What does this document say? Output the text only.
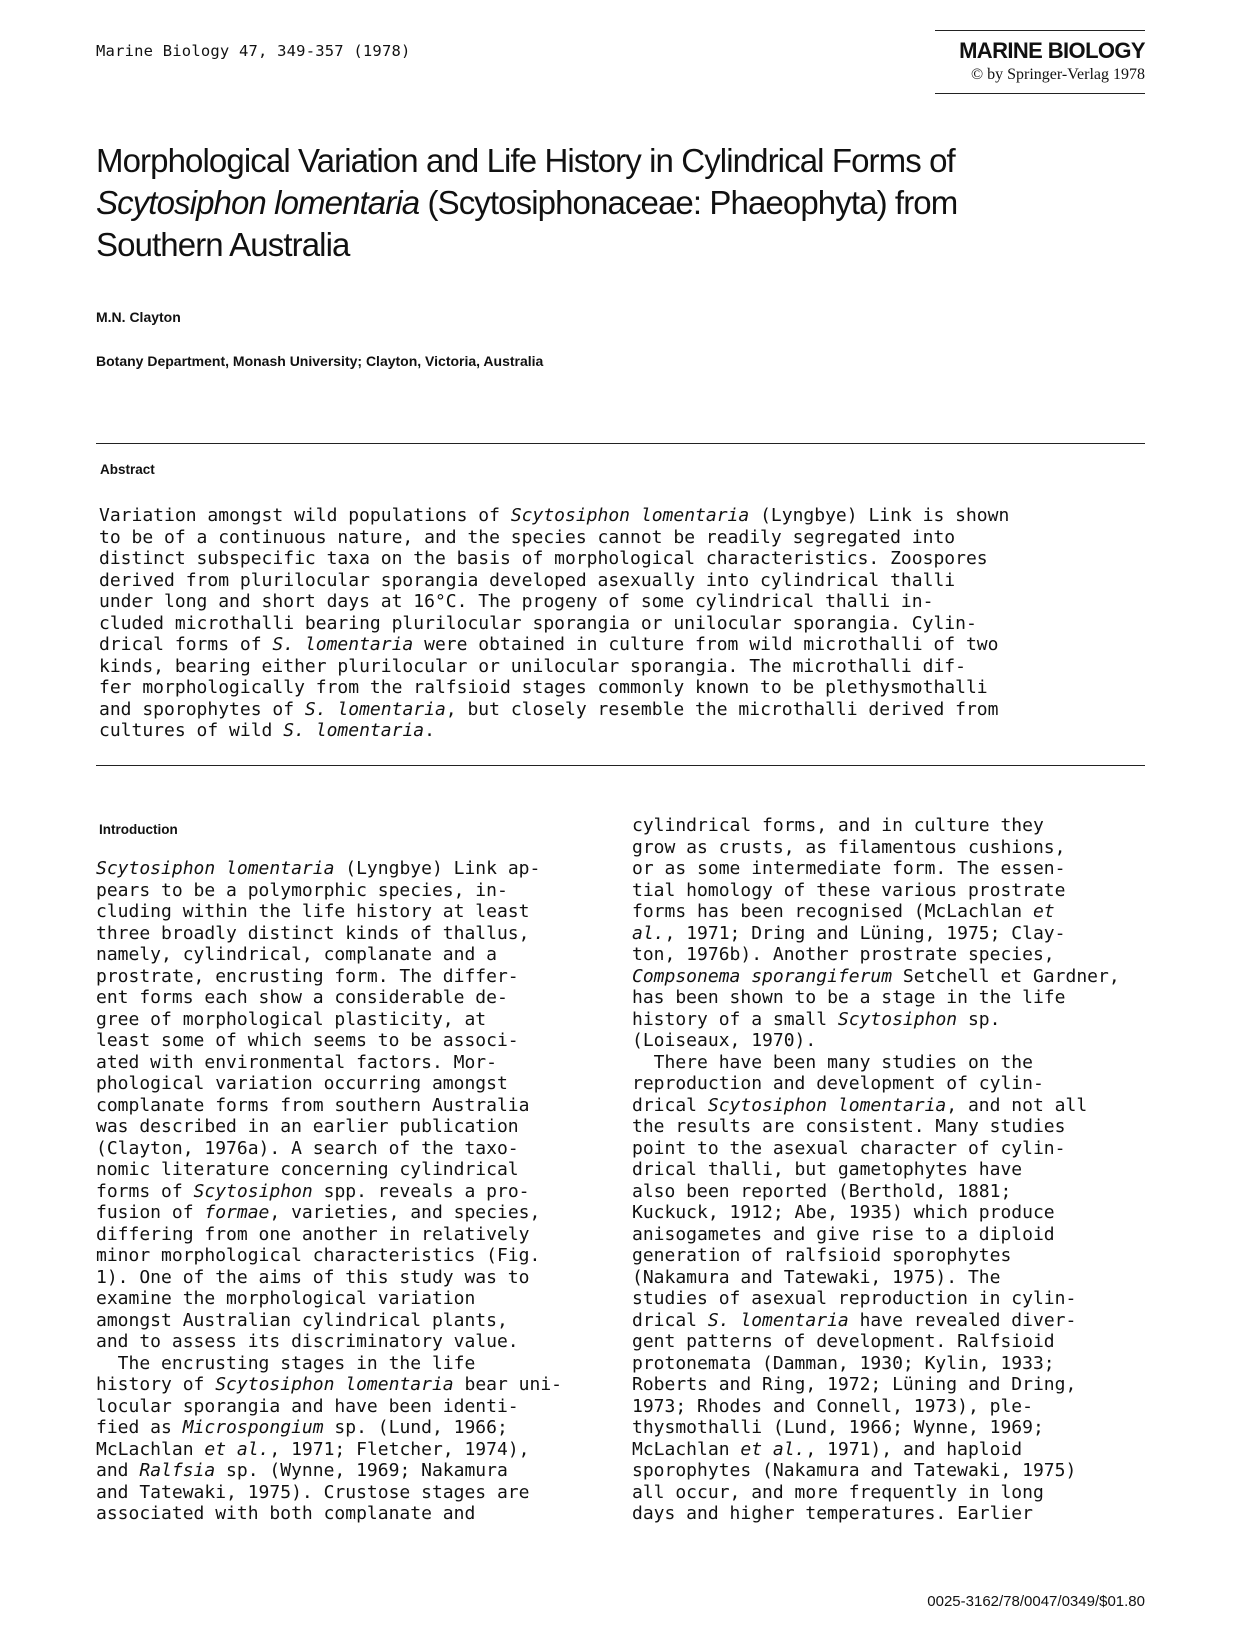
Marine Biology 47, 349-357 (1978)	MARINE BIOLOGY
© by Springer-Verlag 1978
Morphological Variation and Life History in Cylindrical Forms of
Scytosiphon lomentaria (Scytosiphonaceae: Phaeophyta) from
Southern Australia
M.N. Clayton
Botany Department, Monash University; Clayton, Victoria, Australia
Abstract
Variation amongst wild populations of Scytosiphon lomentaria (Lyngbye) Link is shown
to be of a continuous nature, and the species cannot be readily segregated into
distinct subspecific taxa on the basis of morphological characteristics. Zoospores
derived from plurilocular sporangia developed asexually into cylindrical thalli
under long and short days at 16°C. The progeny of some cylindrical thalli in-
cluded microthalli bearing plurilocular sporangia or unilocular sporangia. Cylin-
drical forms of S. lomentaria were obtained in culture from wild microthalli of two
kinds, bearing either plurilocular or unilocular sporangia. The microthalli dif-
fer morphologically from the ralfsioid stages commonly known to be plethysmothalli
and sporophytes of S. lomentaria, but closely resemble the microthalli derived from
cultures of wild S. lomentaria.
Introduction
Scytosiphon lomentaria (Lyngbye) Link ap-
pears to be a polymorphic species, in-
cluding within the life history at least
three broadly distinct kinds of thallus,
namely, cylindrical, complanate and a
prostrate, encrusting form. The differ-
ent forms each show a considerable de-
gree of morphological plasticity, at
least some of which seems to be associ-
ated with environmental factors. Mor-
phological variation occurring amongst
complanate forms from southern Australia
was described in an earlier publication
(Clayton, 1976a). A search of the taxo-
nomic literature concerning cylindrical
forms of Scytosiphon spp. reveals a pro-
fusion of formae, varieties, and species,
differing from one another in relatively
minor morphological characteristics (Fig.
1). One of the aims of this study was to
examine the morphological variation
amongst Australian cylindrical plants,
and to assess its discriminatory value.
The encrusting stages in the life
history of Scytosiphon lomentaria bear uni-
locular sporangia and have been identi-
fied as Microspongium sp. (Lund, 1966;
McLachlan et al., 1971; Fletcher, 1974),
and Ralfsia sp. (Wynne, 1969; Nakamura
and Tatewaki, 1975). Crustose stages are
associated with both complanate and
cylindrical forms, and in culture they
grow as crusts, as filamentous cushions,
or as some intermediate form. The essen-
tial homology of these various prostrate
forms has been recognised (McLachlan et
al., 1971; Dring and Lüning, 1975; Clay-
ton, 1976b). Another prostrate species,
Compsonema sporangiferum Setchell et Gardner,
has been shown to be a stage in the life
history of a small Scytosiphon sp.
(Loiseaux, 1970).
There have been many studies on the
reproduction and development of cylin-
drical Scytosiphon lomentaria, and not all
the results are consistent. Many studies
point to the asexual character of cylin-
drical thalli, but gametophytes have
also been reported (Berthold, 1881;
Kuckuck, 1912; Abe, 1935) which produce
anisogametes and give rise to a diploid
generation of ralfsioid sporophytes
(Nakamura and Tatewaki, 1975). The
studies of asexual reproduction in cylin-
drical S. lomentaria have revealed diver-
gent patterns of development. Ralfsioid
protonemata (Damman, 1930; Kylin, 1933;
Roberts and Ring, 1972; Lüning and Dring,
1973; Rhodes and Connell, 1973), ple-
thysmothalli (Lund, 1966; Wynne, 1969;
McLachlan et al., 1971), and haploid
sporophytes (Nakamura and Tatewaki, 1975)
all occur, and more frequently in long
days and higher temperatures. Earlier
0025-3162/78/0047/0349/$01.80
